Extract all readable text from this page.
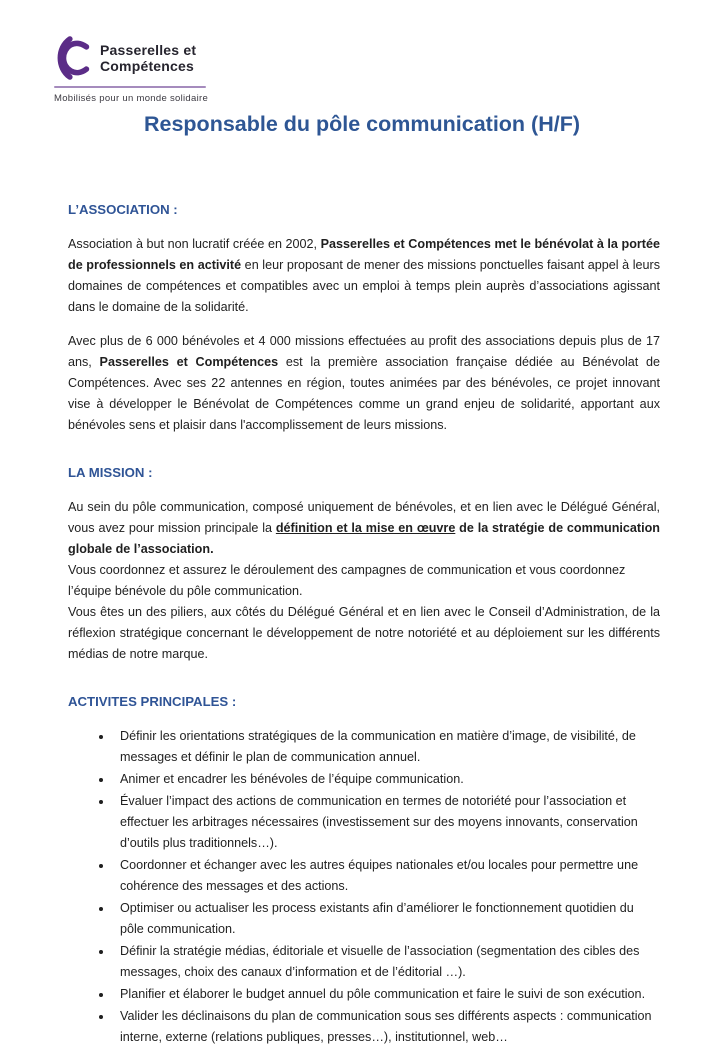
Passerelles et
Compétences
Mobilisés pour un monde solidaire
Responsable du pôle communication (H/F)
L’ASSOCIATION :

Association à but non lucratif créée en 2002, Passerelles et Compétences met le bénévolat à la portée de professionnels en activité en leur proposant de mener des missions ponctuelles faisant appel à leurs domaines de compétences et compatibles avec un emploi à temps plein auprès d’associations agissant dans le domaine de la solidarité.

Avec plus de 6 000 bénévoles et 4 000 missions effectuées au profit des associations depuis plus de 17 ans, Passerelles et Compétences est la première association française dédiée au Bénévolat de Compétences. Avec ses 22 antennes en région, toutes animées par des bénévoles, ce projet innovant vise à développer le Bénévolat de Compétences comme un grand enjeu de solidarité, apportant aux bénévoles sens et plaisir dans l'accomplissement de leurs missions.

LA MISSION :

Au sein du pôle communication, composé uniquement de bénévoles, et en lien avec le Délégué Général, vous avez pour mission principale la définition et la mise en œuvre de la stratégie de communication globale de l’association.

Vous coordonnez et assurez le déroulement des campagnes de communication et vous coordonnez l’équipe bénévole du pôle communication.

Vous êtes un des piliers, aux côtés du Délégué Général et en lien avec le Conseil d’Administration, de la réflexion stratégique concernant le développement de notre notoriété et au déploiement sur les différents médias de notre marque.

ACTIVITES PRINCIPALES :
• Définir les orientations stratégiques de la communication en matière d’image, de visibilité, de messages et définir le plan de communication annuel.
• Animer et encadrer les bénévoles de l’équipe communication.
• Évaluer l’impact des actions de communication en termes de notoriété pour l’association et effectuer les arbitrages nécessaires (investissement sur des moyens innovants, conservation d’outils plus traditionnels…).
• Coordonner et échanger avec les autres équipes nationales et/ou locales pour permettre une cohérence des messages et des actions.
• Optimiser ou actualiser les process existants afin d’améliorer le fonctionnement quotidien du pôle communication.
• Définir la stratégie médias, éditoriale et visuelle de l’association (segmentation des cibles des messages, choix des canaux d’information et de l’éditorial …).
• Planifier et élaborer le budget annuel du pôle communication et faire le suivi de son exécution.
• Valider les déclinaisons du plan de communication sous ses différents aspects : communication interne, externe (relations publiques, presses…), institutionnel, web…
